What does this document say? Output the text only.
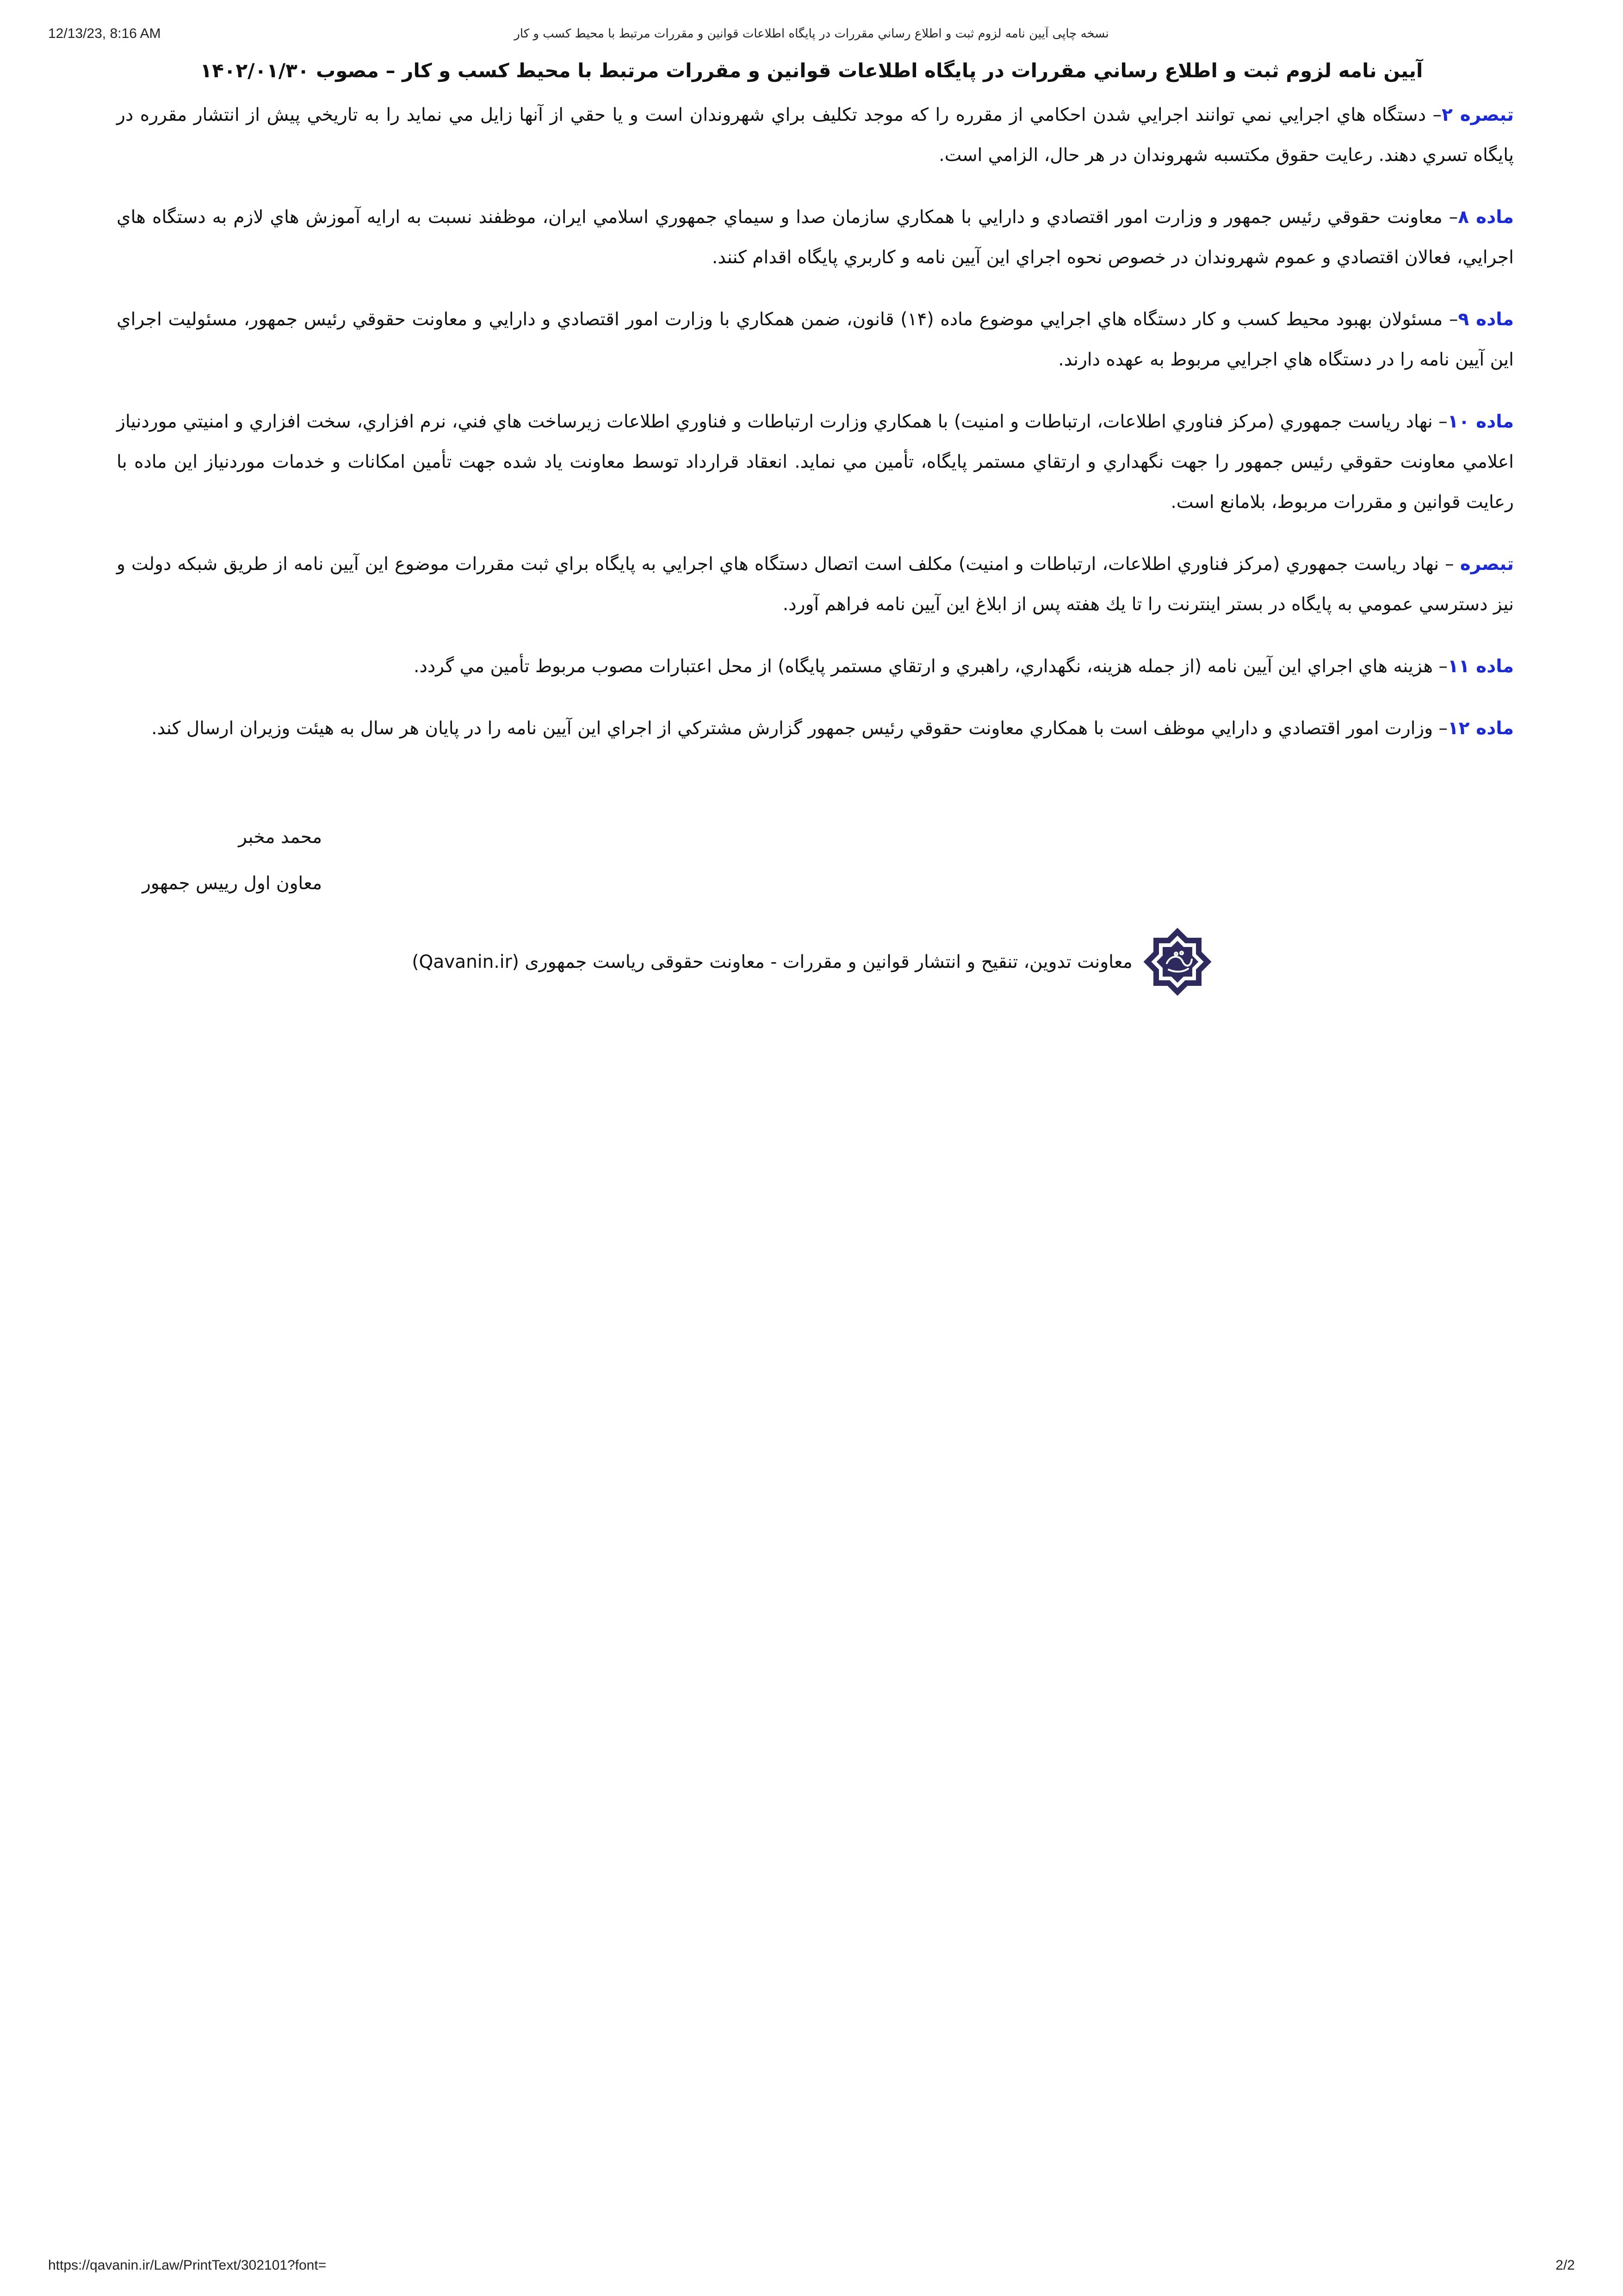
12/13/23, 8:16 AM	نسخه چاپی آيين نامه لزوم ثبت و اطلاع رساني مقررات در پايگاه اطلاعات قوانين و مقررات مرتبط با محيط كسب و كار
آيين نامه لزوم ثبت و اطلاع رساني مقررات در پايگاه اطلاعات قوانين و مقررات مرتبط با محيط كسب و كار – مصوب ۱۴۰۲/۰۱/۳۰

تبصره ۲– دستگاه هاي اجرايي نمي توانند اجرايي شدن احكامي از مقرره را كه موجد تكليف براي شهروندان است و يا حقي از آنها زايل مي نمايد را به تاريخي پيش از انتشار مقرره در پايگاه تسري دهند. رعايت حقوق مكتسبه شهروندان در هر حال، الزامي است.

ماده ۸– معاونت حقوقي رئيس جمهور و وزارت امور اقتصادي و دارايي با همكاري سازمان صدا و سيماي جمهوري اسلامي ايران، موظفند نسبت به ارايه آموزش هاي لازم به دستگاه هاي اجرايي، فعالان اقتصادي و عموم شهروندان در خصوص نحوه اجراي اين آيين نامه و كاربري پايگاه اقدام كنند.

ماده ۹– مسئولان بهبود محيط كسب و كار دستگاه هاي اجرايي موضوع ماده (۱۴) قانون، ضمن همكاري با وزارت امور اقتصادي و دارايي و معاونت حقوقي رئيس جمهور، مسئوليت اجراي اين آيين نامه را در دستگاه هاي اجرايي مربوط به عهده دارند.

ماده ۱۰– نهاد رياست جمهوري (مركز فناوري اطلاعات، ارتباطات و امنيت) با همكاري وزارت ارتباطات و فناوري اطلاعات زيرساخت هاي فني، نرم افزاري، سخت افزاري و امنيتي موردنياز اعلامي معاونت حقوقي رئيس جمهور را جهت نگهداري و ارتقاي مستمر پايگاه، تأمين مي نمايد. انعقاد قرارداد توسط معاونت ياد شده جهت تأمين امكانات و خدمات موردنياز اين ماده با رعايت قوانين و مقررات مربوط، بلامانع است.

تبصره – نهاد رياست جمهوري (مركز فناوري اطلاعات، ارتباطات و امنيت) مكلف است اتصال دستگاه هاي اجرايي به پايگاه براي ثبت مقررات موضوع اين آيين نامه از طريق شبكه دولت و نيز دسترسي عمومي به پايگاه در بستر اينترنت را تا يك هفته پس از ابلاغ اين آيين نامه فراهم آورد.

ماده ۱۱– هزينه هاي اجراي اين آيين نامه (از جمله هزينه، نگهداري، راهبري و ارتقاي مستمر پايگاه) از محل اعتبارات مصوب مربوط تأمين مي گردد.

ماده ۱۲– وزارت امور اقتصادي و دارايي موظف است با همكاري معاونت حقوقي رئيس جمهور گزارش مشتركي از اجراي اين آيين نامه را در پايان هر سال به هيئت وزيران ارسال كند.

محمد مخبر
معاون اول رييس جمهور
معاونت تدوین، تنقیح و انتشار قوانین و مقررات - معاونت حقوقی ریاست جمهوری (Qavanin.ir)
https://qavanin.ir/Law/PrintText/302101?font=	2/2
